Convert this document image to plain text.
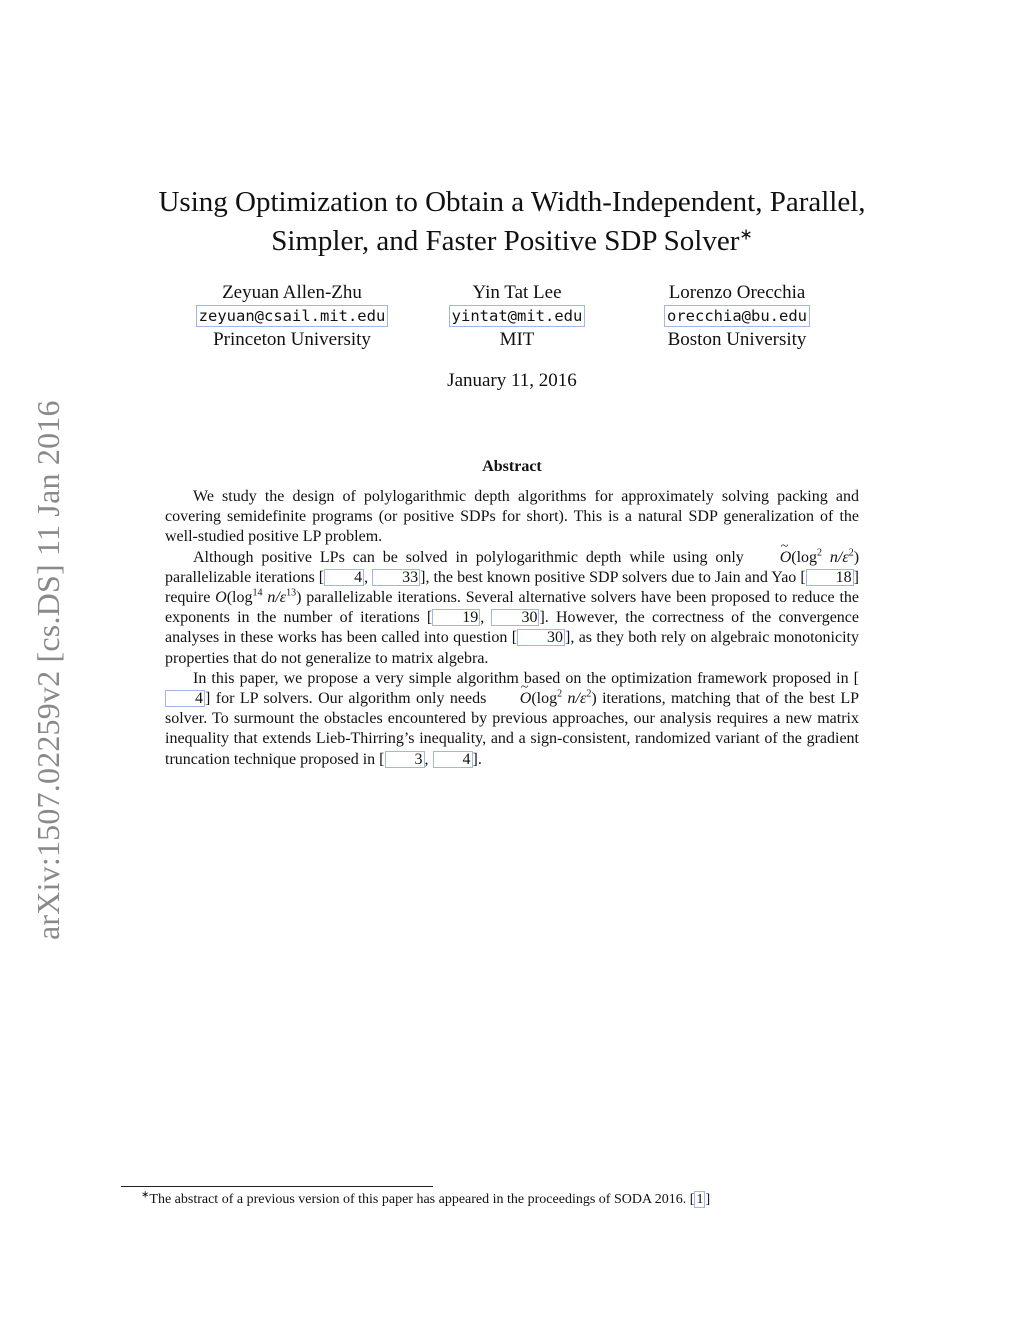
arXiv:1507.02259v2 [cs.DS] 11 Jan 2016
Using Optimization to Obtain a Width-Independent, Parallel,
Simpler, and Faster Positive SDP Solver∗
Zeyuan Allen-Zhu
zeyuan@csail.mit.edu
Princeton University
Yin Tat Lee
yintat@mit.edu
MIT
Lorenzo Orecchia
orecchia@bu.edu
Boston University
January 11, 2016
Abstract

We study the design of polylogarithmic depth algorithms for approximately solving packing and covering semidefinite programs (or positive SDPs for short). This is a natural SDP generalization of the well-studied positive LP problem.

Although positive LPs can be solved in polylogarithmic depth while using only ~ $O(\log^2$ $n/\varepsilon^2$) parallelizable iterations [ 4 , 33 ], the best known positive SDP solvers due to Jain and Yao [ 18 ] require $O(\log^{14}$ $n/\varepsilon^{13}$) parallelizable iterations. Several alternative solvers have been proposed to reduce the exponents in the number of iterations [ 19 , 30 ]. However, the correctness of the convergence analyses in these works has been called into question [ 30 ], as they both rely on algebraic monotonicity properties that do not generalize to matrix algebra.

In this paper, we propose a very simple algorithm based on the optimization framework proposed in [4 ] for LP solvers. Our algorithm only needs ~ $O(\log^2$ $n/\varepsilon^2$) iterations, matching that of the best LP solver. To surmount the obstacles encountered by previous approaches, our analysis requires a new matrix inequality that extends Lieb-Thirring’s inequality, and a sign-consistent, randomized variant of the gradient truncation technique proposed in [ 3 , 4 ].

∗The abstract of a previous version of this paper has appeared in the proceedings of SODA 2016. [ 1 ]
